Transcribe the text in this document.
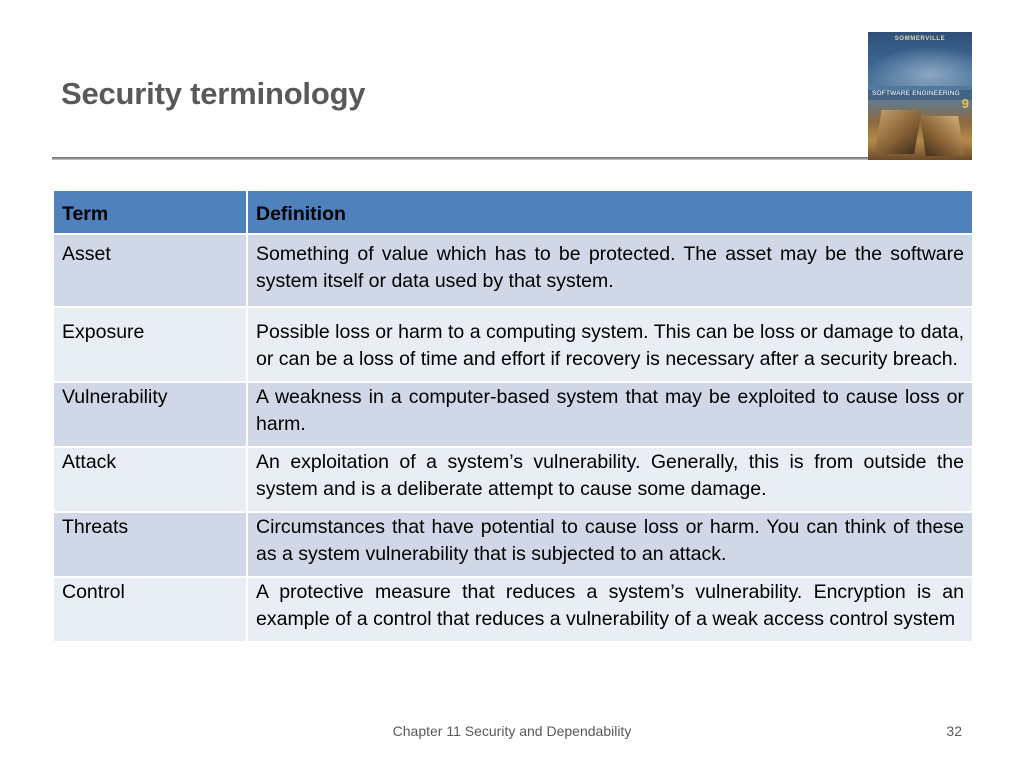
Security terminology
SOMMERVILLE
SOFTWARE ENGINEERING
9
Term	Definition
Asset	Something of value which has to be protected. The asset may be the software system itself or data used by that system.
Exposure	Possible loss or harm to a computing system. This can be loss or damage to data, or can be a loss of time and effort if recovery is necessary after a security breach.
Vulnerability	A weakness in a computer-based system that may be exploited to cause loss or harm.
Attack	An exploitation of a system’s vulnerability. Generally, this is from outside the system and is a deliberate attempt to cause some damage.
Threats	Circumstances that have potential to cause loss or harm. You can think of these as a system vulnerability that is subjected to an attack.
Control	A protective measure that reduces a system’s vulnerability. Encryption is an example of a control that reduces a vulnerability of a weak access control system
Chapter 11 Security and Dependability	32
